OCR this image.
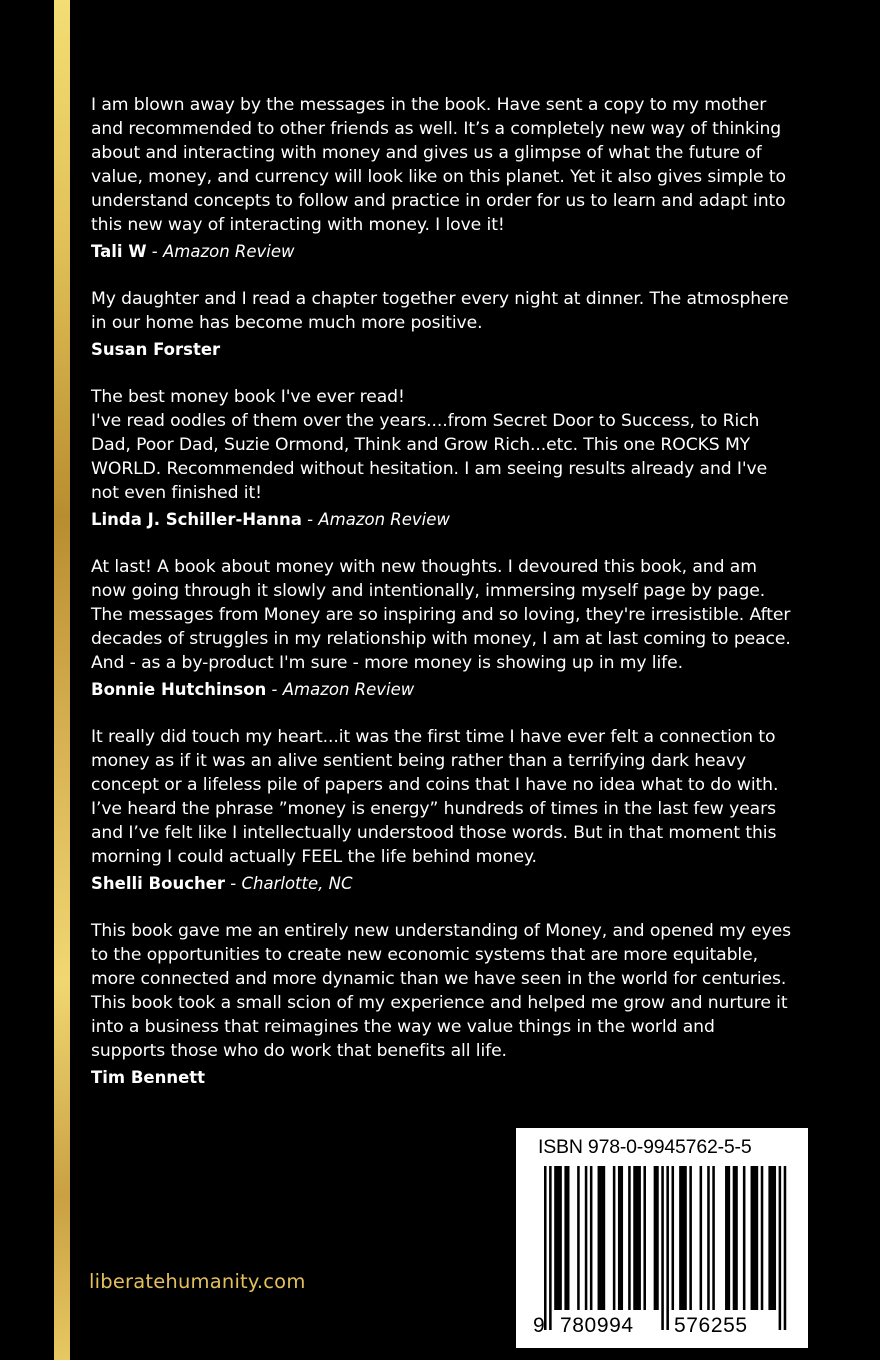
I am blown away by the messages in the book. Have sent a copy to my mother and recommended to other friends as well. It’s a completely new way of thinking about and interacting with money and gives us a glimpse of what the future of value, money, and currency will look like on this planet. Yet it also gives simple to understand concepts to follow and practice in order for us to learn and adapt into this new way of interacting with money. I love it!

Tali W - Amazon Review

My daughter and I read a chapter together every night at dinner. The atmosphere in our home has become much more positive.

Susan Forster

The best money book I've ever read!
I've read oodles of them over the years....from Secret Door to Success, to Rich Dad, Poor Dad, Suzie Ormond, Think and Grow Rich...etc. This one ROCKS MY WORLD. Recommended without hesitation. I am seeing results already and I've not even finished it!

Linda J. Schiller-Hanna - Amazon Review

At last! A book about money with new thoughts. I devoured this book, and am now going through it slowly and intentionally, immersing myself page by page. The messages from Money are so inspiring and so loving, they're irresistible. After decades of struggles in my relationship with money, I am at last coming to peace. And - as a by-product I'm sure - more money is showing up in my life.

Bonnie Hutchinson - Amazon Review

It really did touch my heart...it was the first time I have ever felt a connection to money as if it was an alive sentient being rather than a terrifying dark heavy concept or a lifeless pile of papers and coins that I have no idea what to do with. I’ve heard the phrase ”money is energy” hundreds of times in the last few years and I’ve felt like I intellectually understood those words. But in that moment this morning I could actually FEEL the life behind money.

Shelli Boucher - Charlotte, NC

This book gave me an entirely new understanding of Money, and opened my eyes to the opportunities to create new economic systems that are more equitable, more connected and more dynamic than we have seen in the world for centuries. This book took a small scion of my experience and helped me grow and nurture it into a business that reimagines the way we value things in the world and supports those who do work that benefits all life.

Tim Bennett
liberatehumanity.com
ISBN 978-0-9945762-5-5
9 780994 576255
